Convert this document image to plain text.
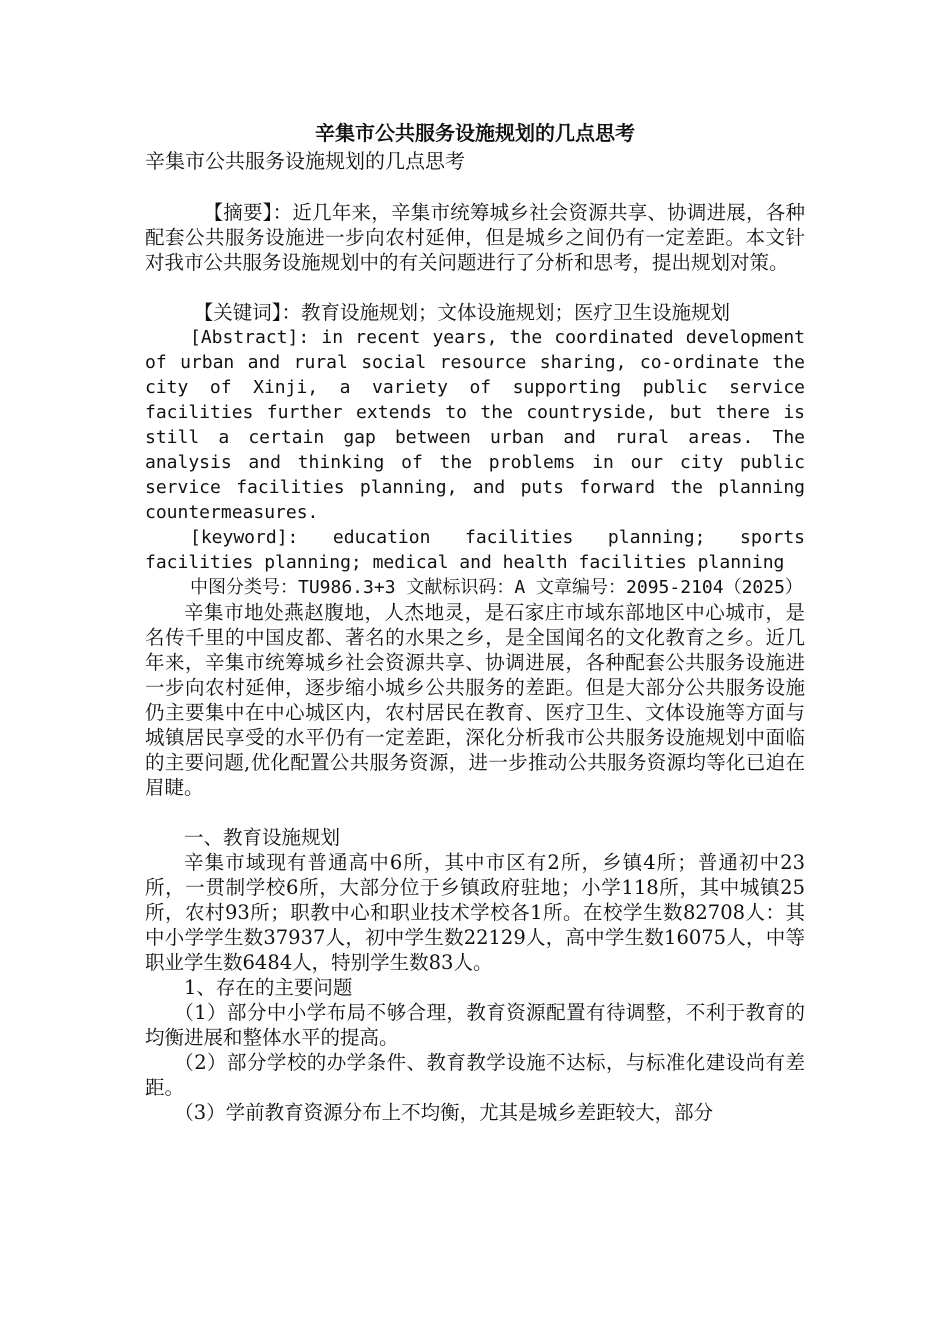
辛集市公共服务设施规划的几点思考

辛集市公共服务设施规划的几点思考

【摘要】：近几年来，辛集市统筹城乡社会资源共享、协调进展，各种配套公共服务设施进一步向农村延伸，但是城乡之间仍有一定差距。本文针对我市公共服务设施规划中的有关问题进行了分析和思考，提出规划对策。

【关键词】：教育设施规划；文体设施规划；医疗卫生设施规划

[Abstract]: in recent years, the coordinated development of urban and rural social resource sharing, co-ordinate the city of Xinji, a variety of supporting public service facilities further extends to the countryside, but there is still a certain gap between urban and rural areas. The analysis and thinking of the problems in our city public service facilities planning, and puts forward the planning countermeasures.

[keyword]: education facilities planning; sports facilities planning; medical and health facilities planning

中图分类号：TU986.3+3 文献标识码：A 文章编号：2095-2104（2025）

辛集市地处燕赵腹地，人杰地灵，是石家庄市域东部地区中心城市，是名传千里的中国皮都、著名的水果之乡，是全国闻名的文化教育之乡。近几年来，辛集市统筹城乡社会资源共享、协调进展，各种配套公共服务设施进一步向农村延伸，逐步缩小城乡公共服务的差距。但是大部分公共服务设施仍主要集中在中心城区内，农村居民在教育、医疗卫生、文体设施等方面与城镇居民享受的水平仍有一定差距，深化分析我市公共服务设施规划中面临的主要问题,优化配置公共服务资源，进一步推动公共服务资源均等化已迫在眉睫。

一、教育设施规划

辛集市域现有普通高中6所，其中市区有2所，乡镇4所；普通初中23所，一贯制学校6所，大部分位于乡镇政府驻地；小学118所，其中城镇25所，农村93所；职教中心和职业技术学校各1所。在校学生数82708人：其中小学学生数37937人，初中学生数22129人，高中学生数16075人，中等职业学生数6484人，特别学生数83人。

1、存在的主要问题

（1）部分中小学布局不够合理，教育资源配置有待调整，不利于教育的均衡进展和整体水平的提高。

（2）部分学校的办学条件、教育教学设施不达标，与标准化建设尚有差距。

（3）学前教育资源分布上不均衡，尤其是城乡差距较大，部分
